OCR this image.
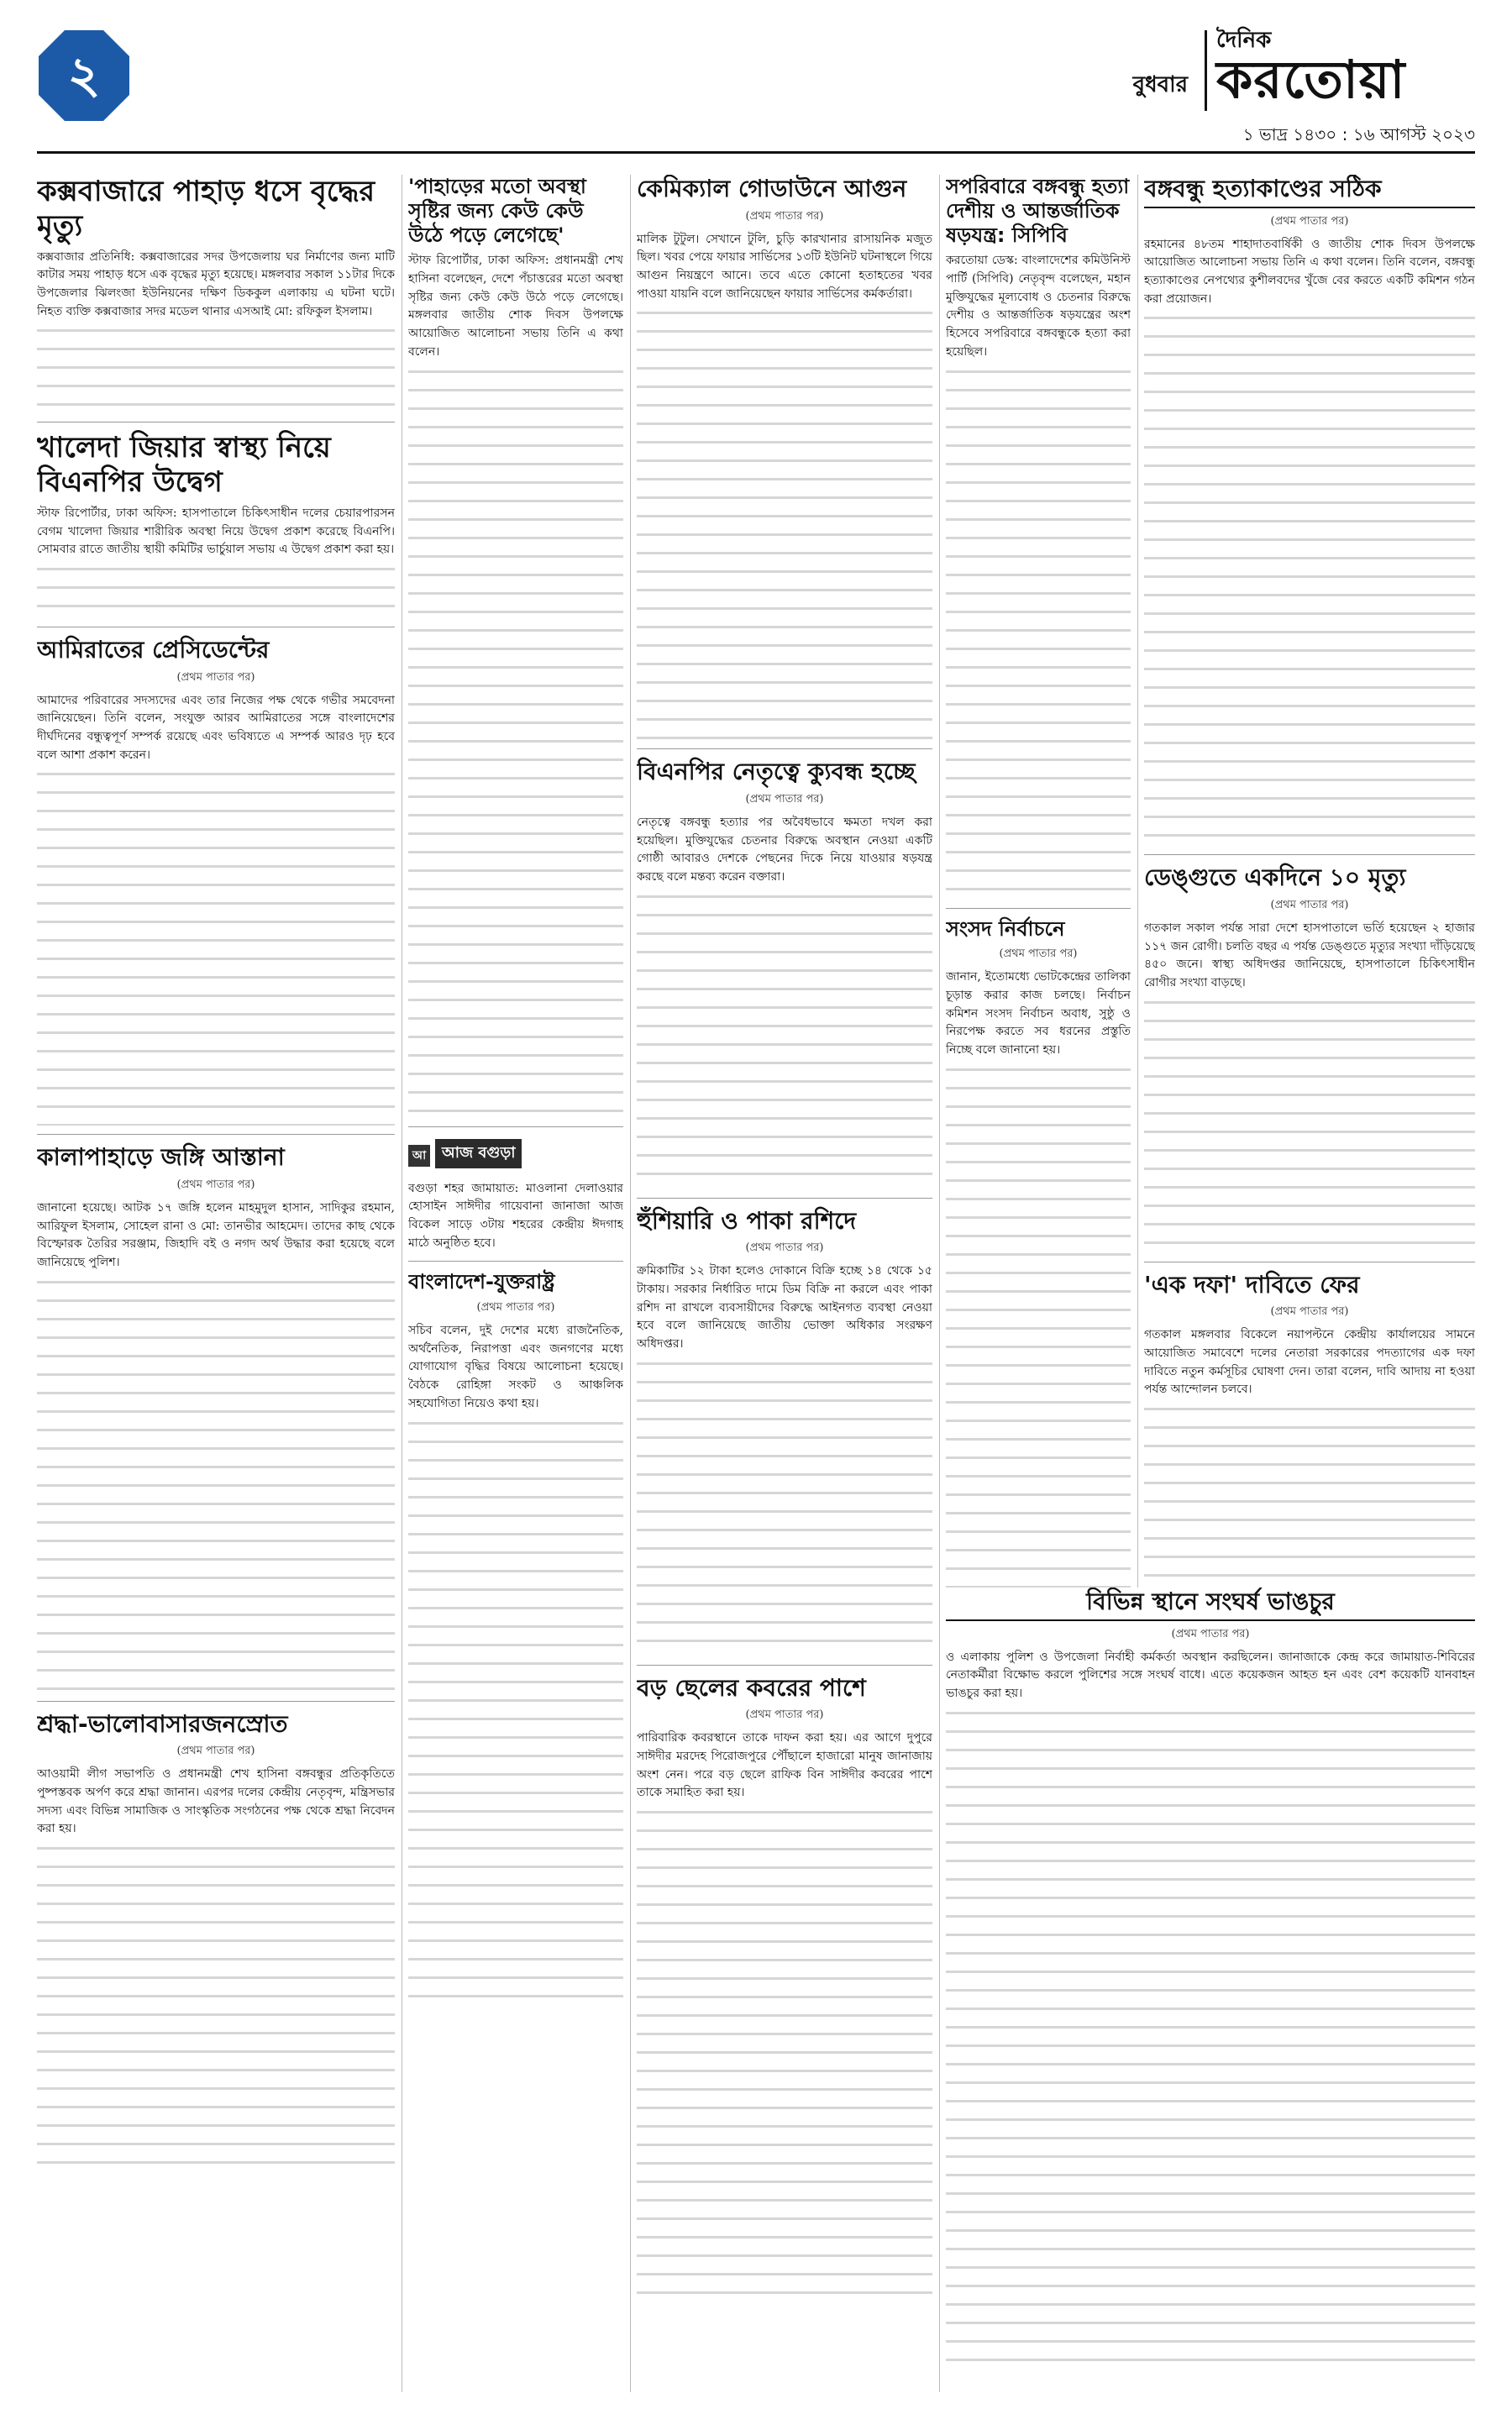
২	বুধবার
দৈনিক
করতোয়া
১ ভাদ্র ১৪৩০ : ১৬ আগস্ট ২০২৩
কক্সবাজারে পাহাড় ধসে বৃদ্ধের মৃত্যু

কক্সবাজার প্রতিনিধি: কক্সবাজারের সদর উপজেলায় ঘর নির্মাণের জন্য মাটি কাটার সময় পাহাড় ধসে এক বৃদ্ধের মৃত্যু হয়েছে। মঙ্গলবার সকাল ১১টার দিকে উপজেলার ঝিলংজা ইউনিয়নের দক্ষিণ ডিককুল এলাকায় এ ঘটনা ঘটে। নিহত ব্যক্তি কক্সবাজার সদর মডেল থানার এসআই মো: রফিকুল ইসলাম।

খালেদা জিয়ার স্বাস্থ্য নিয়ে বিএনপির উদ্বেগ

স্টাফ রিপোর্টার, ঢাকা অফিস: হাসপাতালে চিকিৎসাধীন দলের চেয়ারপারসন বেগম খালেদা জিয়ার শারীরিক অবস্থা নিয়ে উদ্বেগ প্রকাশ করেছে বিএনপি। সোমবার রাতে জাতীয় স্থায়ী কমিটির ভার্চুয়াল সভায় এ উদ্বেগ প্রকাশ করা হয়।

আমিরাতের প্রেসিডেন্টের
(প্রথম পাতার পর)

আমাদের পরিবারের সদস্যদের এবং তার নিজের পক্ষ থেকে গভীর সমবেদনা জানিয়েছেন। তিনি বলেন, সংযুক্ত আরব আমিরাতের সঙ্গে বাংলাদেশের দীর্ঘদিনের বন্ধুত্বপূর্ণ সম্পর্ক রয়েছে এবং ভবিষ্যতে এ সম্পর্ক আরও দৃঢ় হবে বলে আশা প্রকাশ করেন।

কালাপাহাড়ে জঙ্গি আস্তানা
(প্রথম পাতার পর)

জানানো হয়েছে। আটক ১৭ জঙ্গি হলেন মাহমুদুল হাসান, সাদিকুর রহমান, আরিফুল ইসলাম, সোহেল রানা ও মো: তানভীর আহমেদ। তাদের কাছ থেকে বিস্ফোরক তৈরির সরঞ্জাম, জিহাদি বই ও নগদ অর্থ উদ্ধার করা হয়েছে বলে জানিয়েছে পুলিশ।

শ্রদ্ধা-ভালোবাসারজনস্রোত
(প্রথম পাতার পর)

আওয়ামী লীগ সভাপতি ও প্রধানমন্ত্রী শেখ হাসিনা বঙ্গবন্ধুর প্রতিকৃতিতে পুষ্পস্তবক অর্পণ করে শ্রদ্ধা জানান। এরপর দলের কেন্দ্রীয় নেতৃবৃন্দ, মন্ত্রিসভার সদস্য এবং বিভিন্ন সামাজিক ও সাংস্কৃতিক সংগঠনের পক্ষ থেকে শ্রদ্ধা নিবেদন করা হয়।

'পাহাড়ের মতো অবস্থা সৃষ্টির জন্য কেউ কেউ উঠে পড়ে লেগেছে'

স্টাফ রিপোর্টার, ঢাকা অফিস: প্রধানমন্ত্রী শেখ হাসিনা বলেছেন, দেশে পঁচাত্তরের মতো অবস্থা সৃষ্টির জন্য কেউ কেউ উঠে পড়ে লেগেছে। মঙ্গলবার জাতীয় শোক দিবস উপলক্ষে আয়োজিত আলোচনা সভায় তিনি এ কথা বলেন।

আ	আজ বগুড়া

বগুড়া শহর জামায়াত: মাওলানা দেলাওয়ার হোসাইন সাঈদীর গায়েবানা জানাজা আজ বিকেল সাড়ে ৩টায় শহরের কেন্দ্রীয় ঈদগাহ মাঠে অনুষ্ঠিত হবে।

বাংলাদেশ-যুক্তরাষ্ট্র
(প্রথম পাতার পর)

সচিব বলেন, দুই দেশের মধ্যে রাজনৈতিক, অর্থনৈতিক, নিরাপত্তা এবং জনগণের মধ্যে যোগাযোগ বৃদ্ধির বিষয়ে আলোচনা হয়েছে। বৈঠকে রোহিঙ্গা সংকট ও আঞ্চলিক সহযোগিতা নিয়েও কথা হয়।

কেমিক্যাল গোডাউনে আগুন
(প্রথম পাতার পর)

মালিক টুটুল। সেখানে টুলি, চুড়ি কারখানার রাসায়নিক মজুত ছিল। খবর পেয়ে ফায়ার সার্ভিসের ১৩টি ইউনিট ঘটনাস্থলে গিয়ে আগুন নিয়ন্ত্রণে আনে। তবে এতে কোনো হতাহতের খবর পাওয়া যায়নি বলে জানিয়েছেন ফায়ার সার্ভিসের কর্মকর্তারা।

বিএনপির নেতৃত্বে ক্যুবন্ধ হচ্ছে
(প্রথম পাতার পর)

নেতৃত্বে বঙ্গবন্ধু হত্যার পর অবৈধভাবে ক্ষমতা দখল করা হয়েছিল। মুক্তিযুদ্ধের চেতনার বিরুদ্ধে অবস্থান নেওয়া একটি গোষ্ঠী আবারও দেশকে পেছনের দিকে নিয়ে যাওয়ার ষড়যন্ত্র করছে বলে মন্তব্য করেন বক্তারা।

হুঁশিয়ারি ও পাকা রশিদে
(প্রথম পাতার পর)

ক্রমিকাটির ১২ টাকা হলেও দোকানে বিক্রি হচ্ছে ১৪ থেকে ১৫ টাকায়। সরকার নির্ধারিত দামে ডিম বিক্রি না করলে এবং পাকা রশিদ না রাখলে ব্যবসায়ীদের বিরুদ্ধে আইনগত ব্যবস্থা নেওয়া হবে বলে জানিয়েছে জাতীয় ভোক্তা অধিকার সংরক্ষণ অধিদপ্তর।

বড় ছেলের কবরের পাশে
(প্রথম পাতার পর)

পারিবারিক কবরস্থানে তাকে দাফন করা হয়। এর আগে দুপুরে সাঈদীর মরদেহ পিরোজপুরে পৌঁছালে হাজারো মানুষ জানাজায় অংশ নেন। পরে বড় ছেলে রাফিক বিন সাঈদীর কবরের পাশে তাকে সমাহিত করা হয়।

সপরিবারে বঙ্গবন্ধু হত্যা দেশীয় ও আন্তর্জাতিক ষড়যন্ত্র: সিপিবি

করতোয়া ডেস্ক: বাংলাদেশের কমিউনিস্ট পার্টি (সিপিবি) নেতৃবৃন্দ বলেছেন, মহান মুক্তিযুদ্ধের মূল্যবোধ ও চেতনার বিরুদ্ধে দেশীয় ও আন্তর্জাতিক ষড়যন্ত্রের অংশ হিসেবে সপরিবারে বঙ্গবন্ধুকে হত্যা করা হয়েছিল।

সংসদ নির্বাচনে
(প্রথম পাতার পর)

জানান, ইতোমধ্যে ভোটকেন্দ্রের তালিকা চূড়ান্ত করার কাজ চলছে। নির্বাচন কমিশন সংসদ নির্বাচন অবাধ, সুষ্ঠু ও নিরপেক্ষ করতে সব ধরনের প্রস্তুতি নিচ্ছে বলে জানানো হয়।

বঙ্গবন্ধু হত্যাকাণ্ডের সঠিক
(প্রথম পাতার পর)

রহমানের ৪৮তম শাহাদাতবার্ষিকী ও জাতীয় শোক দিবস উপলক্ষে আয়োজিত আলোচনা সভায় তিনি এ কথা বলেন। তিনি বলেন, বঙ্গবন্ধু হত্যাকাণ্ডের নেপথ্যের কুশীলবদের খুঁজে বের করতে একটি কমিশন গঠন করা প্রয়োজন।

ডেঙ্গুতে একদিনে ১০ মৃত্যু
(প্রথম পাতার পর)

গতকাল সকাল পর্যন্ত সারা দেশে হাসপাতালে ভর্তি হয়েছেন ২ হাজার ১১৭ জন রোগী। চলতি বছর এ পর্যন্ত ডেঙ্গুতে মৃত্যুর সংখ্যা দাঁড়িয়েছে ৪৫০ জনে। স্বাস্থ্য অধিদপ্তর জানিয়েছে, হাসপাতালে চিকিৎসাধীন রোগীর সংখ্যা বাড়ছে।

'এক দফা' দাবিতে ফের
(প্রথম পাতার পর)

গতকাল মঙ্গলবার বিকেলে নয়াপল্টনে কেন্দ্রীয় কার্যালয়ের সামনে আয়োজিত সমাবেশে দলের নেতারা সরকারের পদত্যাগের এক দফা দাবিতে নতুন কর্মসূচির ঘোষণা দেন। তারা বলেন, দাবি আদায় না হওয়া পর্যন্ত আন্দোলন চলবে।

বিভিন্ন স্থানে সংঘর্ষ ভাঙচুর
(প্রথম পাতার পর)

ও এলাকায় পুলিশ ও উপজেলা নির্বাহী কর্মকর্তা অবস্থান করছিলেন। জানাজাকে কেন্দ্র করে জামায়াত-শিবিরের নেতাকর্মীরা বিক্ষোভ করলে পুলিশের সঙ্গে সংঘর্ষ বাধে। এতে কয়েকজন আহত হন এবং বেশ কয়েকটি যানবাহন ভাঙচুর করা হয়।
